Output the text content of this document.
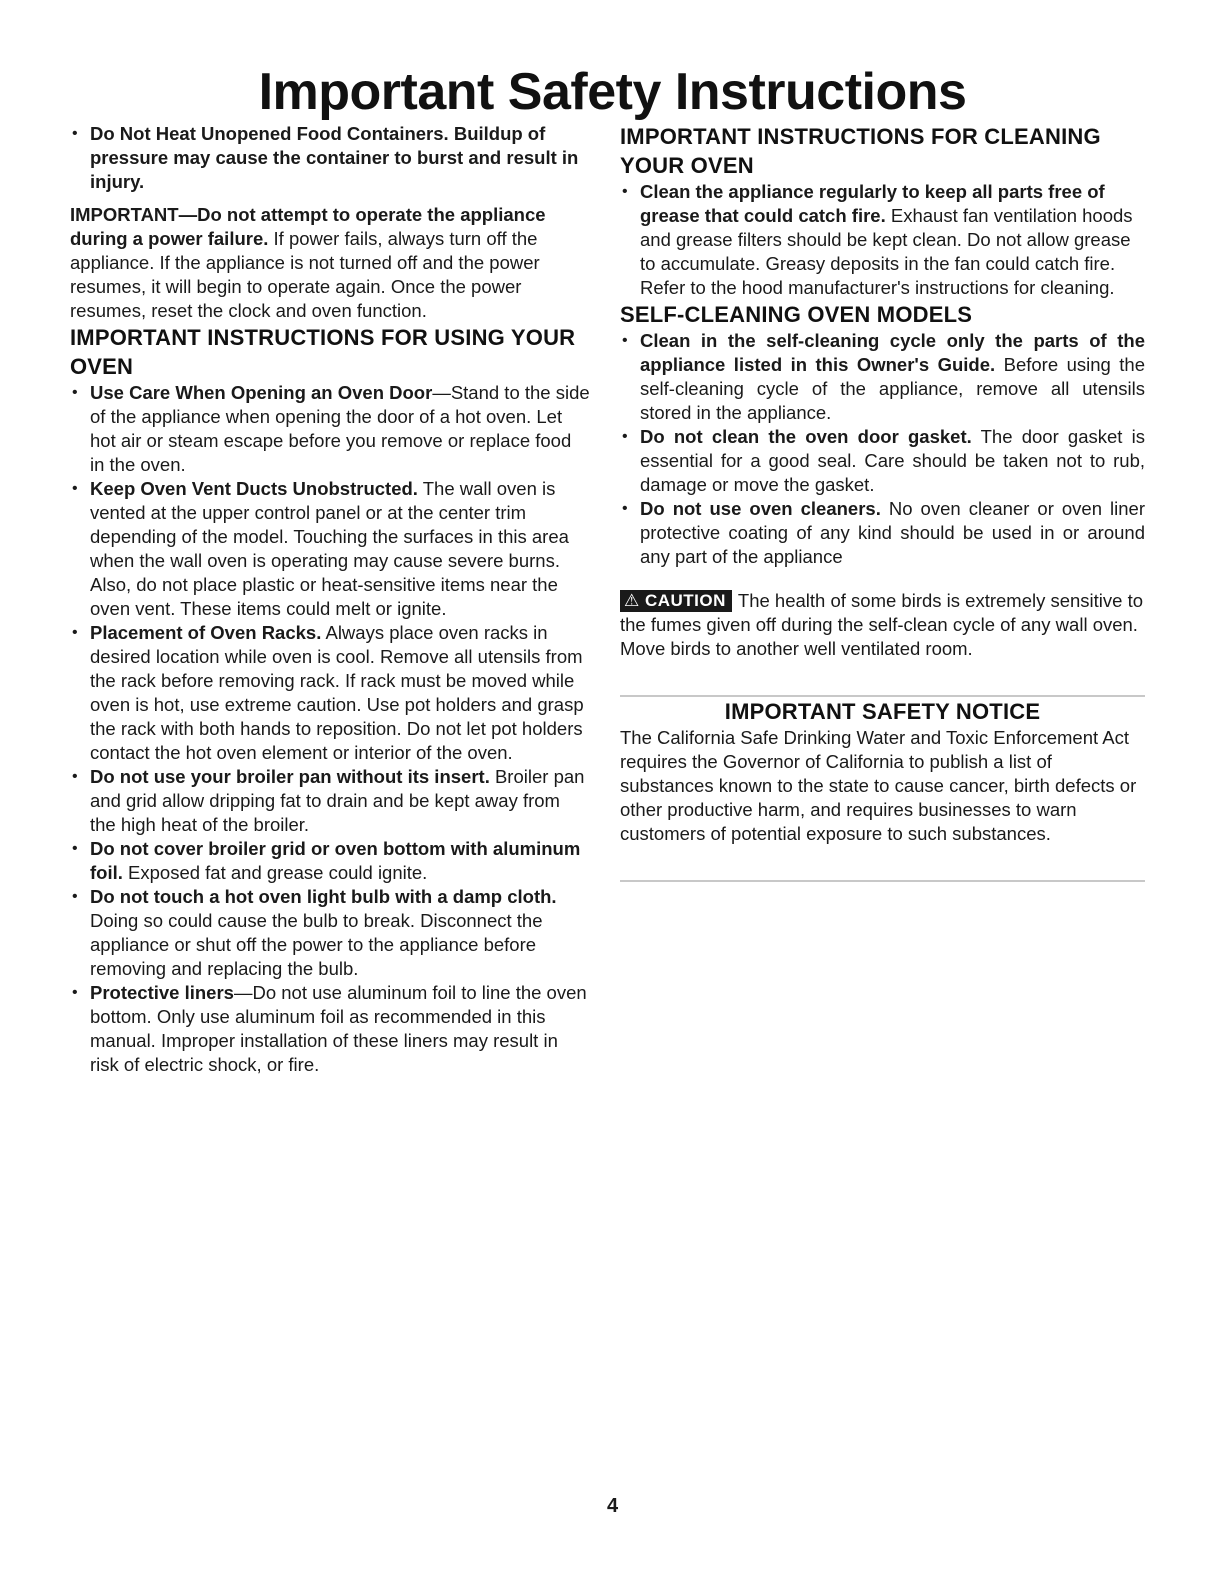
Important Safety Instructions
• Do Not Heat Unopened Food Containers. Buildup of pressure may cause the container to burst and result in injury.

IMPORTANT—Do not attempt to operate the appliance during a power failure. If power fails, always turn off the appliance. If the appliance is not turned off and the power resumes, it will begin to operate again. Once the power resumes, reset the clock and oven function.

IMPORTANT INSTRUCTIONS FOR USING YOUR OVEN
• Use Care When Opening an Oven Door—Stand to the side of the appliance when opening the door of a hot oven. Let hot air or steam escape before you remove or replace food in the oven.
• Keep Oven Vent Ducts Unobstructed. The wall oven is vented at the upper control panel or at the center trim depending of the model. Touching the surfaces in this area when the wall oven is operating may cause severe burns. Also, do not place plastic or heat-sensitive items near the oven vent. These items could melt or ignite.
• Placement of Oven Racks. Always place oven racks in desired location while oven is cool. Remove all utensils from the rack before removing rack. If rack must be moved while oven is hot, use extreme caution. Use pot holders and grasp the rack with both hands to reposition. Do not let pot holders contact the hot oven element or interior of the oven.
• Do not use your broiler pan without its insert. Broiler pan and grid allow dripping fat to drain and be kept away from the high heat of the broiler.
• Do not cover broiler grid or oven bottom with aluminum foil. Exposed fat and grease could ignite.
• Do not touch a hot oven light bulb with a damp cloth. Doing so could cause the bulb to break. Disconnect the appliance or shut off the power to the appliance before removing and replacing the bulb.
• Protective liners—Do not use aluminum foil to line the oven bottom. Only use aluminum foil as recommended in this manual. Improper installation of these liners may result in risk of electric shock, or fire.
IMPORTANT INSTRUCTIONS FOR CLEANING YOUR OVEN
• Clean the appliance regularly to keep all parts free of grease that could catch fire. Exhaust fan ventilation hoods and grease filters should be kept clean. Do not allow grease to accumulate. Greasy deposits in the fan could catch fire. Refer to the hood manufacturer's instructions for cleaning.
SELF-CLEANING OVEN MODELS
• Clean in the self-cleaning cycle only the parts of the appliance listed in this Owner's Guide. Before using the self-cleaning cycle of the appliance, remove all utensils stored in the appliance.
• Do not clean the oven door gasket. The door gasket is essential for a good seal. Care should be taken not to rub, damage or move the gasket.
• Do not use oven cleaners. No oven cleaner or oven liner protective coating of any kind should be used in or around any part of the appliance

⚠ CAUTION The health of some birds is extremely sensitive to the fumes given off during the self-clean cycle of any wall oven. Move birds to another well ventilated room.

IMPORTANT SAFETY NOTICE

The California Safe Drinking Water and Toxic Enforcement Act requires the Governor of California to publish a list of substances known to the state to cause cancer, birth defects or other productive harm, and requires businesses to warn customers of potential exposure to such substances.

4
